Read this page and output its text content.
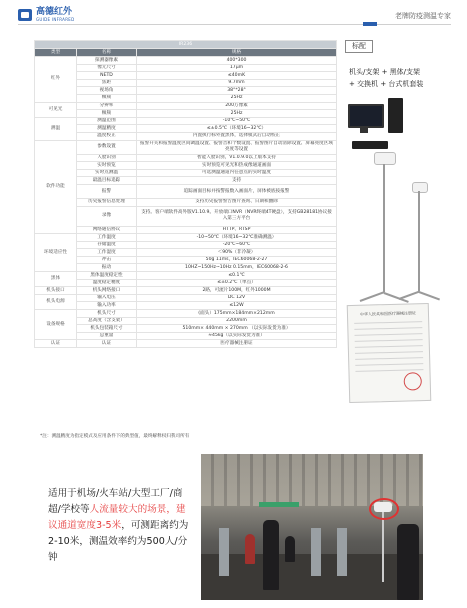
高德红外
GUIDE INFRARED	老牌防疫测温专家
IR236		
类型	名称	规格
红外	探测器像素	400*300
	像元尺寸	17μm
	NETD	≤40mK
	焦距	9.7mm
	视场角	38°*28°
	帧频	25Hz
可见光	分辨率	200万像素
	帧频	25Hz
测温	测温范围	-10℃~50℃
	测温精度	≤±0.5℃（环境16~32℃）
	温度校正	内置执行标外置黑体，选择模式后自动校正
软件功能	参数设置	报警开关和报警温度区间调温设置、报警音和个数设置、报警图片自动清除设置、屏幕亮度区域亮度等设置
	人脸识别	智能人脸识别，V1.0.9.0以上版本支持
	实时预览	实时预览可见光和热成像通道画面
	实时点测温	可选测温通道内任意点的实时温度
	最温目标追踪	支持
	报警	追踪画面目标并按警报数入画面片，屏体被底按报警
	历史报警信息处理	支持历史报警警告图片查询、日期和删除
	录像	支持。客户端软件高外版V1.10.9。开放端口NVR（NVR终端4T硬盘），支持GB28181协议接入第三方平台
	网络通信协议	HTTP、RTSP
环境适应性	工作温度	-10~50℃（环境16~32℃准确测温）
	存储温度	-20℃~60℃
	工作湿度	＜90%（非冷凝）
	冲击	50g 11ms，IEC60068-2-27
	振动	10HZ~150Hz~10Hz 0.15mm，IEC60068-2-6
黑体	黑体温度稳定性	≤0.1℃
	温度稳定精度	≤±0.2℃（单点）
机头接口	机头网络接口	2路，可流片100M，红外1000M
机头电源	输入电压	DC 12V
	输入功率	≤12W
设备规格	机头尺寸	(面头）175mm×184mm×212mm
	总高度（含支架）	2200mm
	机头包装箱尺寸	510mm× 440mm × 270mm （以实际发货为准）
	总重量	≈45kg（以实际发货为准）
认证	认证	医疗器械注册证
*注：测温精度为指定模式及应用条件下的典型值，最终解释权归我司所有
标配
机头/支架 + 黑体/支架
+ 交换机 + 台式机套装
中华人民共和国医疗器械注册证
适用于机场/火车站/大型工厂/商超/学校等人流量较大的场景，建议通道宽度3-5米，可测距离约为2-10米，测温效率约为500人/分钟
